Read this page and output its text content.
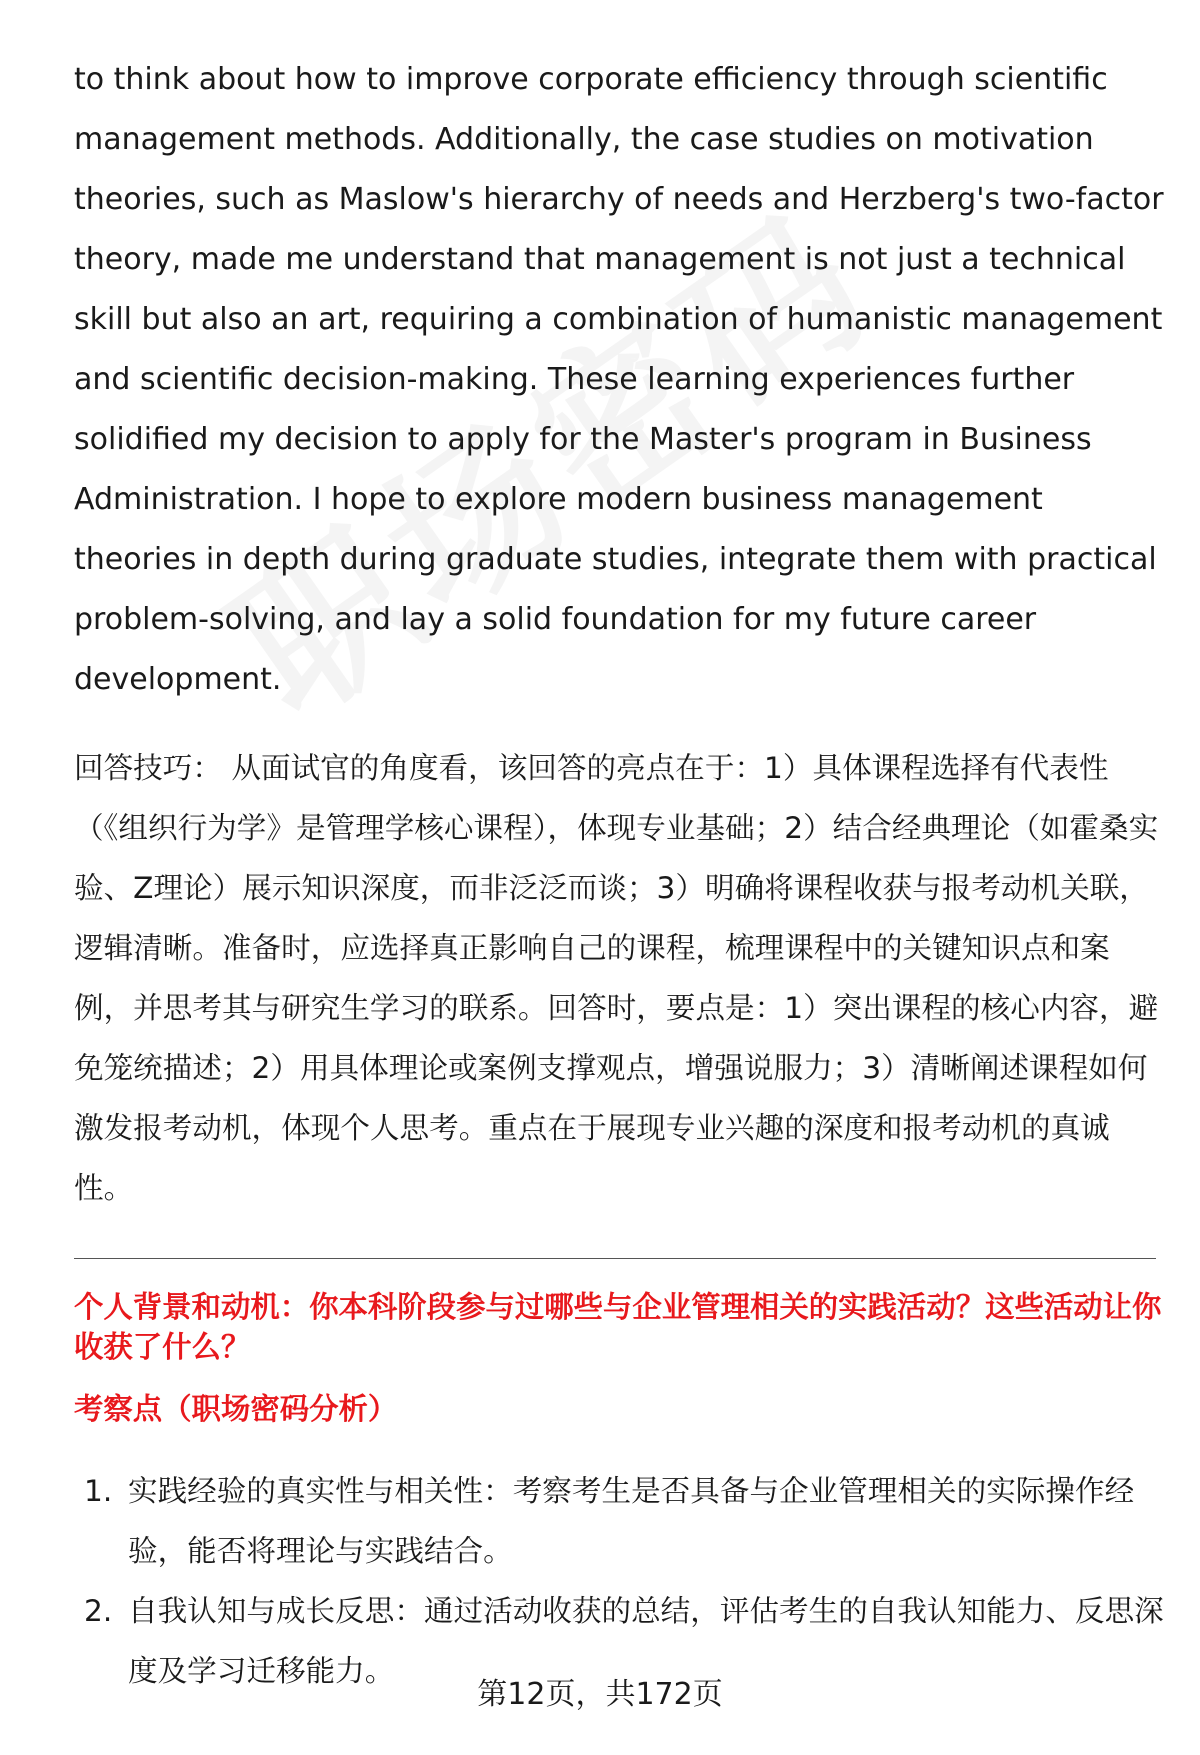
to think about how to improve corporate efficiency through scientific management methods. Additionally, the case studies on motivation theories, such as Maslow's hierarchy of needs and Herzberg's two-factor theory, made me understand that management is not just a technical skill but also an art, requiring a combination of humanistic management and scientific decision-making. These learning experiences further solidified my decision to apply for the Master's program in Business Administration. I hope to explore modern business management theories in depth during graduate studies, integrate them with practical problem-solving, and lay a solid foundation for my future career development.

回答技巧： 从面试官的角度看，该回答的亮点在于：1）具体课程选择有代表性（《组织行为学》是管理学核心课程），体现专业基础；2）结合经典理论（如霍桑实验、Z理论）展示知识深度，而非泛泛而谈；3）明确将课程收获与报考动机关联，逻辑清晰。准备时，应选择真正影响自己的课程，梳理课程中的关键知识点和案例，并思考其与研究生学习的联系。回答时，要点是：1）突出课程的核心内容，避免笼统描述；2）用具体理论或案例支撑观点，增强说服力；3）清晰阐述课程如何激发报考动机，体现个人思考。重点在于展现专业兴趣的深度和报考动机的真诚性。

个人背景和动机：你本科阶段参与过哪些与企业管理相关的实践活动？这些活动让你收获了什么？
考察点（职场密码分析）
1. 实践经验的真实性与相关性：考察考生是否具备与企业管理相关的实际操作经验，能否将理论与实践结合。
2. 自我认知与成长反思：通过活动收获的总结，评估考生的自我认知能力、反思深度及学习迁移能力。
第12页，共172页
